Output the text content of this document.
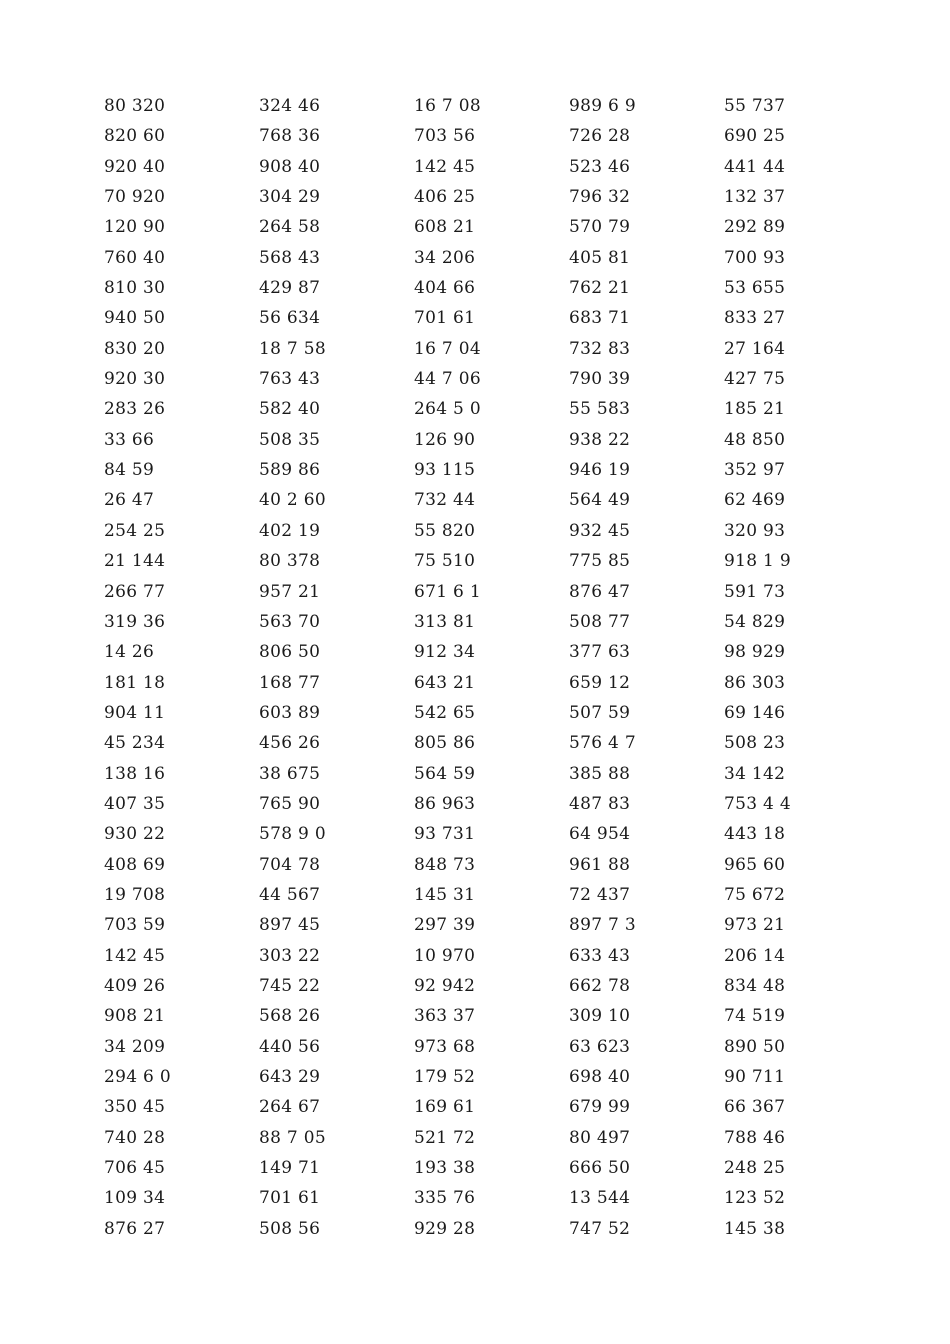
80 320
820 60
920 40
70 920
120 90
760 40
810 30
940 50
830 20
920 30
283 26
33 66
84 59
26 47
254 25
21 144
266 77
319 36
14 26
181 18
904 11
45 234
138 16
407 35
930 22
408 69
19 708
703 59
142 45
409 26
908 21
34 209
294 6 0
350 45
740 28
706 45
109 34
876 27
324 46
768 36
908 40
304 29
264 58
568 43
429 87
56 634
18 7 58
763 43
582 40
508 35
589 86
40 2 60
402 19
80 378
957 21
563 70
806 50
168 77
603 89
456 26
38 675
765 90
578 9 0
704 78
44 567
897 45
303 22
745 22
568 26
440 56
643 29
264 67
88 7 05
149 71
701 61
508 56
16 7 08
703 56
142 45
406 25
608 21
34 206
404 66
701 61
16 7 04
44 7 06
264 5 0
126 90
93 115
732 44
55 820
75 510
671 6 1
313 81
912 34
643 21
542 65
805 86
564 59
86 963
93 731
848 73
145 31
297 39
10 970
92 942
363 37
973 68
179 52
169 61
521 72
193 38
335 76
929 28
989 6 9
726 28
523 46
796 32
570 79
405 81
762 21
683 71
732 83
790 39
55 583
938 22
946 19
564 49
932 45
775 85
876 47
508 77
377 63
659 12
507 59
576 4 7
385 88
487 83
64 954
961 88
72 437
897 7 3
633 43
662 78
309 10
63 623
698 40
679 99
80 497
666 50
13 544
747 52
55 737
690 25
441 44
132 37
292 89
700 93
53 655
833 27
27 164
427 75
185 21
48 850
352 97
62 469
320 93
918 1 9
591 73
54 829
98 929
86 303
69 146
508 23
34 142
753 4 4
443 18
965 60
75 672
973 21
206 14
834 48
74 519
890 50
90 711
66 367
788 46
248 25
123 52
145 38
